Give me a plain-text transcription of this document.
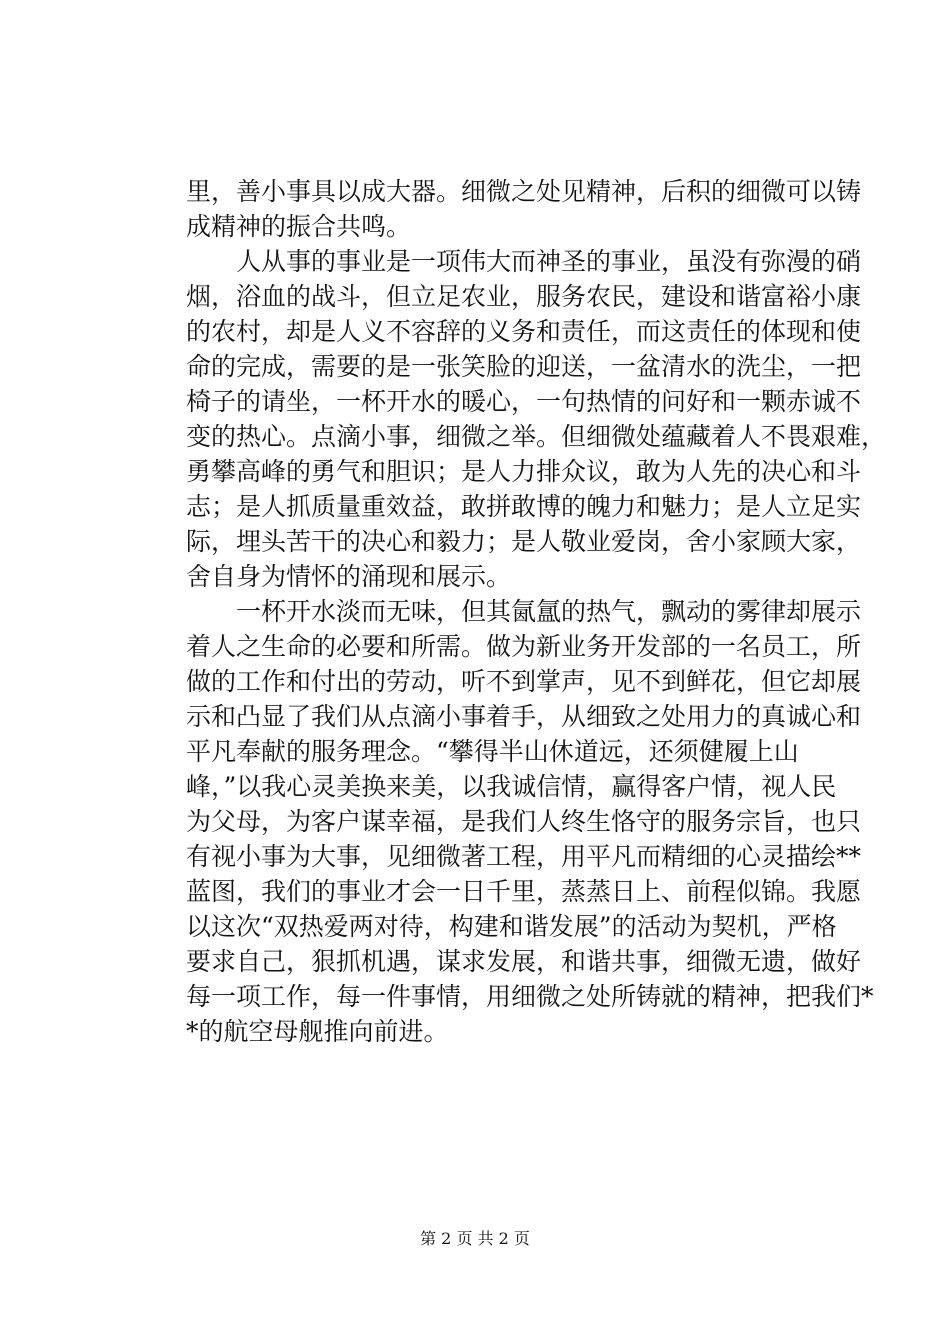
里，善小事具以成大器。细微之处见精神，后积的细微可以铸
成精神的振合共鸣。
人从事的事业是一项伟大而神圣的事业，虽没有弥漫的硝
烟，浴血的战斗，但立足农业，服务农民，建设和谐富裕小康
的农村，却是人义不容辞的义务和责任，而这责任的体现和使
命的完成，需要的是一张笑脸的迎送，一盆清水的洗尘，一把
椅子的请坐，一杯开水的暖心，一句热情的问好和一颗赤诚不
变的热心。点滴小事，细微之举。但细微处蕴藏着人不畏艰难，
勇攀高峰的勇气和胆识；是人力排众议，敢为人先的决心和斗
志；是人抓质量重效益，敢拼敢博的魄力和魅力；是人立足实
际，埋头苦干的决心和毅力；是人敬业爱岗，舍小家顾大家，
舍自身为情怀的涌现和展示。
一杯开水淡而无味，但其氤氲的热气，飘动的雾律却展示
着人之生命的必要和所需。做为新业务开发部的一名员工，所
做的工作和付出的劳动，听不到掌声，见不到鲜花，但它却展
示和凸显了我们从点滴小事着手，从细致之处用力的真诚心和
平凡奉献的服务理念。“攀得半山休道远，还须健履上山
峰，”以我心灵美换来美，以我诚信情，赢得客户情，视人民
为父母，为客户谋幸福，是我们人终生恪守的服务宗旨，也只
有视小事为大事，见细微著工程，用平凡而精细的心灵描绘**
蓝图，我们的事业才会一日千里，蒸蒸日上、前程似锦。我愿
以这次“双热爱两对待，构建和谐发展”的活动为契机，严格
要求自己，狠抓机遇，谋求发展，和谐共事，细微无遗，做好
每一项工作，每一件事情，用细微之处所铸就的精神，把我们*
*的航空母舰推向前进。
第 2 页 共 2 页
